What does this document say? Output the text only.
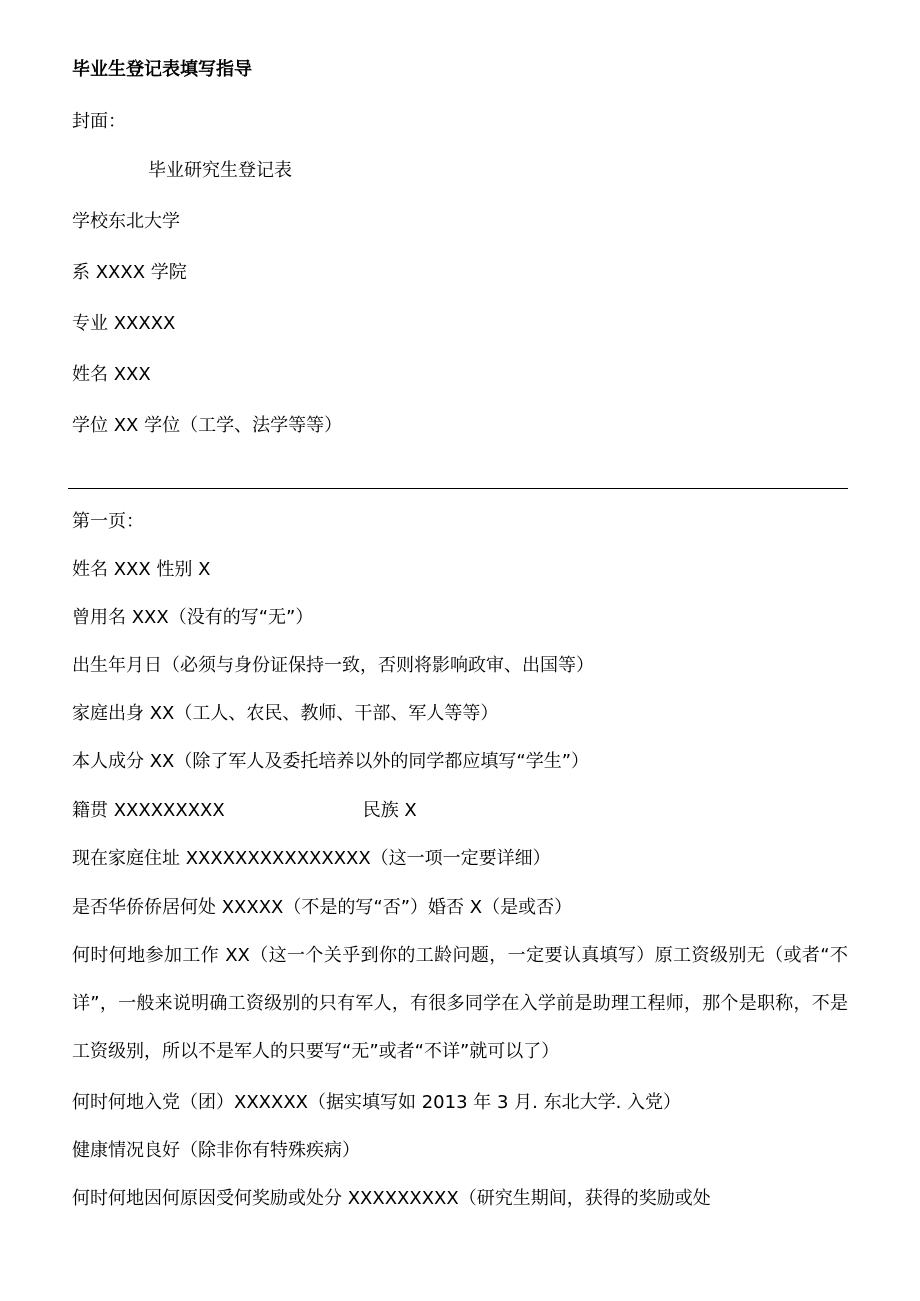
毕业生登记表填写指导
封面：
毕业研究生登记表
学校东北大学
系 XXXX 学院
专业 XXXXX
姓名 XXX
学位 XX 学位（工学、法学等等）
第一页：
姓名 XXX 性别 X
曾用名 XXX（没有的写“无”）
出生年月日（必须与身份证保持一致，否则将影响政审、出国等）
家庭出身 XX（工人、农民、教师、干部、军人等等）
本人成分 XX（除了军人及委托培养以外的同学都应填写“学生”）
籍贯 XXXXXXXXX	民族 X
现在家庭住址 XXXXXXXXXXXXXXX（这一项一定要详细）
是否华侨侨居何处 XXXXX（不是的写“否”）婚否 X（是或否）
何时何地参加工作 XX（这一个关乎到你的工龄问题，一定要认真填写）原工资级别无（或者“不详”，一般来说明确工资级别的只有军人，有很多同学在入学前是助理工程师，那个是职称，不是工资级别，所以不是军人的只要写“无”或者“不详”就可以了）
何时何地入党（团）XXXXXX（据实填写如 2013 年 3 月. 东北大学. 入党）
健康情况良好（除非你有特殊疾病）
何时何地因何原因受何奖励或处分 XXXXXXXXX（研究生期间，获得的奖励或处
